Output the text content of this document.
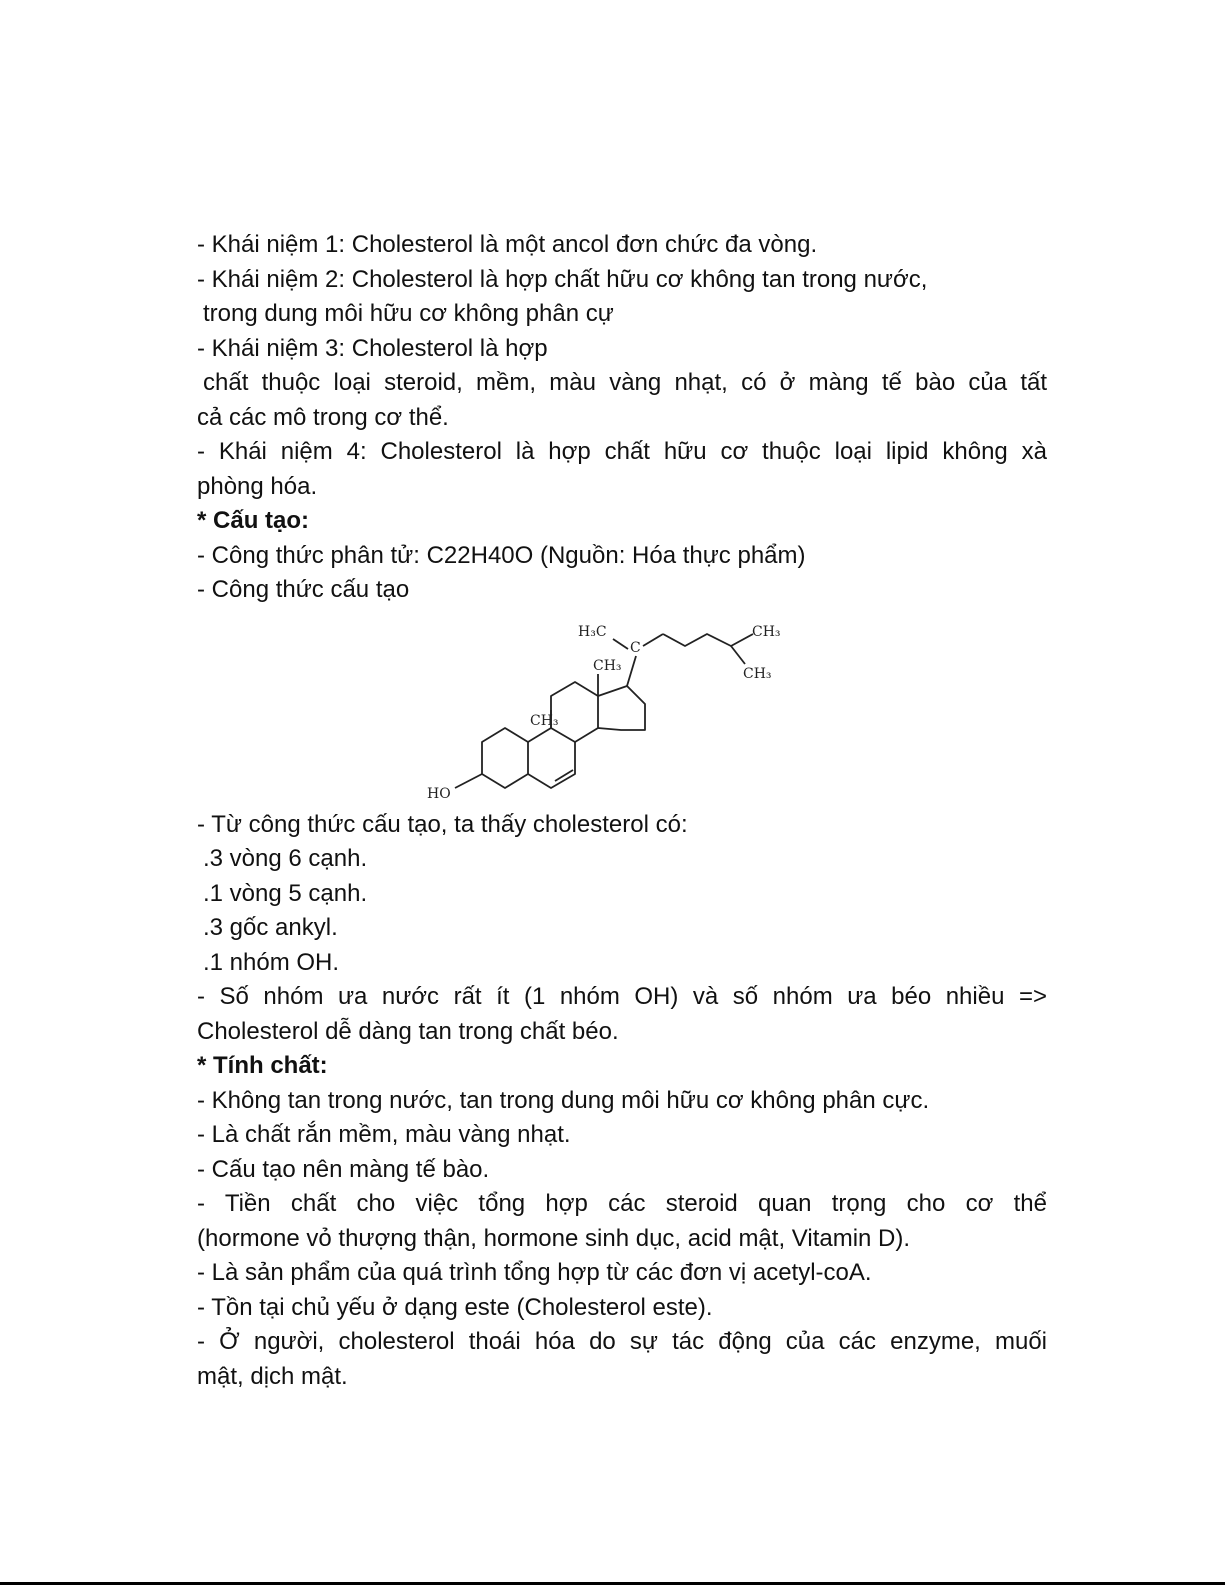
- Khái niệm 1: Cholesterol là một ancol đơn chức đa vòng.

- Khái niệm 2: Cholesterol là hợp chất hữu cơ không tan trong nước,

trong dung môi hữu cơ không phân cự

- Khái niệm 3: Cholesterol là hợp

chất thuộc loại steroid, mềm, màu vàng nhạt, có ở màng tế bào của tất

cả các mô trong cơ thể.

- Khái niệm 4: Cholesterol là hợp chất hữu cơ thuộc loại lipid không xà

phòng hóa.

* Cấu tạo:

- Công thức phân tử: C22H40O (Nguồn: Hóa thực phẩm)

- Công thức cấu tạo

H₃C
C
CH₃
CH₃
CH₃
CH₃
HO

- Từ công thức cấu tạo, ta thấy cholesterol có:

.3 vòng 6 cạnh.

.1 vòng 5 cạnh.

.3 gốc ankyl.

.1 nhóm OH.

- Số nhóm ưa nước rất ít (1 nhóm OH) và số nhóm ưa béo nhiều =>

Cholesterol dễ dàng tan trong chất béo.

* Tính chất:

- Không tan trong nước, tan trong dung môi hữu cơ không phân cực.

- Là chất rắn mềm, màu vàng nhạt.

- Cấu tạo nên màng tế bào.

- Tiền chất cho việc tổng hợp các steroid quan trọng cho cơ thể

(hormone vỏ thượng thận, hormone sinh dục, acid mật, Vitamin D).

- Là sản phẩm của quá trình tổng hợp từ các đơn vị acetyl-coA.

- Tồn tại chủ yếu ở dạng este (Cholesterol este).

- Ở người, cholesterol thoái hóa do sự tác động của các enzyme, muối

mật, dịch mật.
